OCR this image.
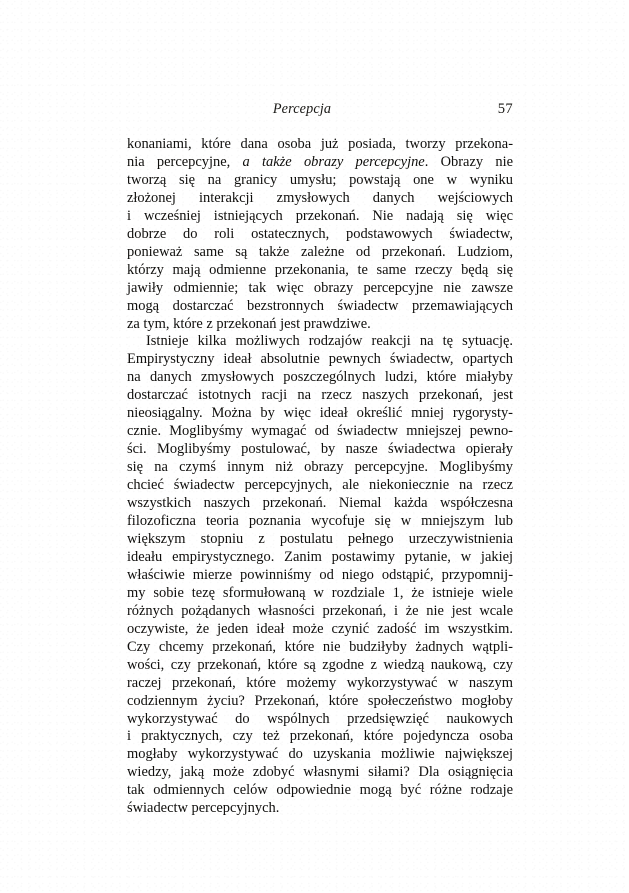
Percepcja	57

konaniami, które dana osoba już posiada, tworzy przekona-
nia percepcyjne, a także obrazy percepcyjne. Obrazy nie
tworzą się na granicy umysłu; powstają one w wyniku
złożonej interakcji zmysłowych danych wejściowych
i wcześniej istniejących przekonań. Nie nadają się więc
dobrze do roli ostatecznych, podstawowych świadectw,
ponieważ same są także zależne od przekonań. Ludziom,
którzy mają odmienne przekonania, te same rzeczy będą się
jawiły odmiennie; tak więc obrazy percepcyjne nie zawsze
mogą dostarczać bezstronnych świadectw przemawiających
za tym, które z przekonań jest prawdziwe.

Istnieje kilka możliwych rodzajów reakcji na tę sytuację.
Empirystyczny ideał absolutnie pewnych świadectw, opartych
na danych zmysłowych poszczególnych ludzi, które miałyby
dostarczać istotnych racji na rzecz naszych przekonań, jest
nieosiągalny. Można by więc ideał określić mniej rygorysty-
cznie. Moglibyśmy wymagać od świadectw mniejszej pewno-
ści. Moglibyśmy postulować, by nasze świadectwa opierały
się na czymś innym niż obrazy percepcyjne. Moglibyśmy
chcieć świadectw percepcyjnych, ale niekoniecznie na rzecz
wszystkich naszych przekonań. Niemal każda współczesna
filozoficzna teoria poznania wycofuje się w mniejszym lub
większym stopniu z postulatu pełnego urzeczywistnienia
ideału empirystycznego. Zanim postawimy pytanie, w jakiej
właściwie mierze powinniśmy od niego odstąpić, przypomnij-
my sobie tezę sformułowaną w rozdziale 1, że istnieje wiele
różnych pożądanych własności przekonań, i że nie jest wcale
oczywiste, że jeden ideał może czynić zadość im wszystkim.
Czy chcemy przekonań, które nie budziłyby żadnych wątpli-
wości, czy przekonań, które są zgodne z wiedzą naukową, czy
raczej przekonań, które możemy wykorzystywać w naszym
codziennym życiu? Przekonań, które społeczeństwo mogłoby
wykorzystywać do wspólnych przedsięwzięć naukowych
i praktycznych, czy też przekonań, które pojedyncza osoba
mogłaby wykorzystywać do uzyskania możliwie największej
wiedzy, jaką może zdobyć własnymi siłami? Dla osiągnięcia
tak odmiennych celów odpowiednie mogą być różne rodzaje
świadectw percepcyjnych.
